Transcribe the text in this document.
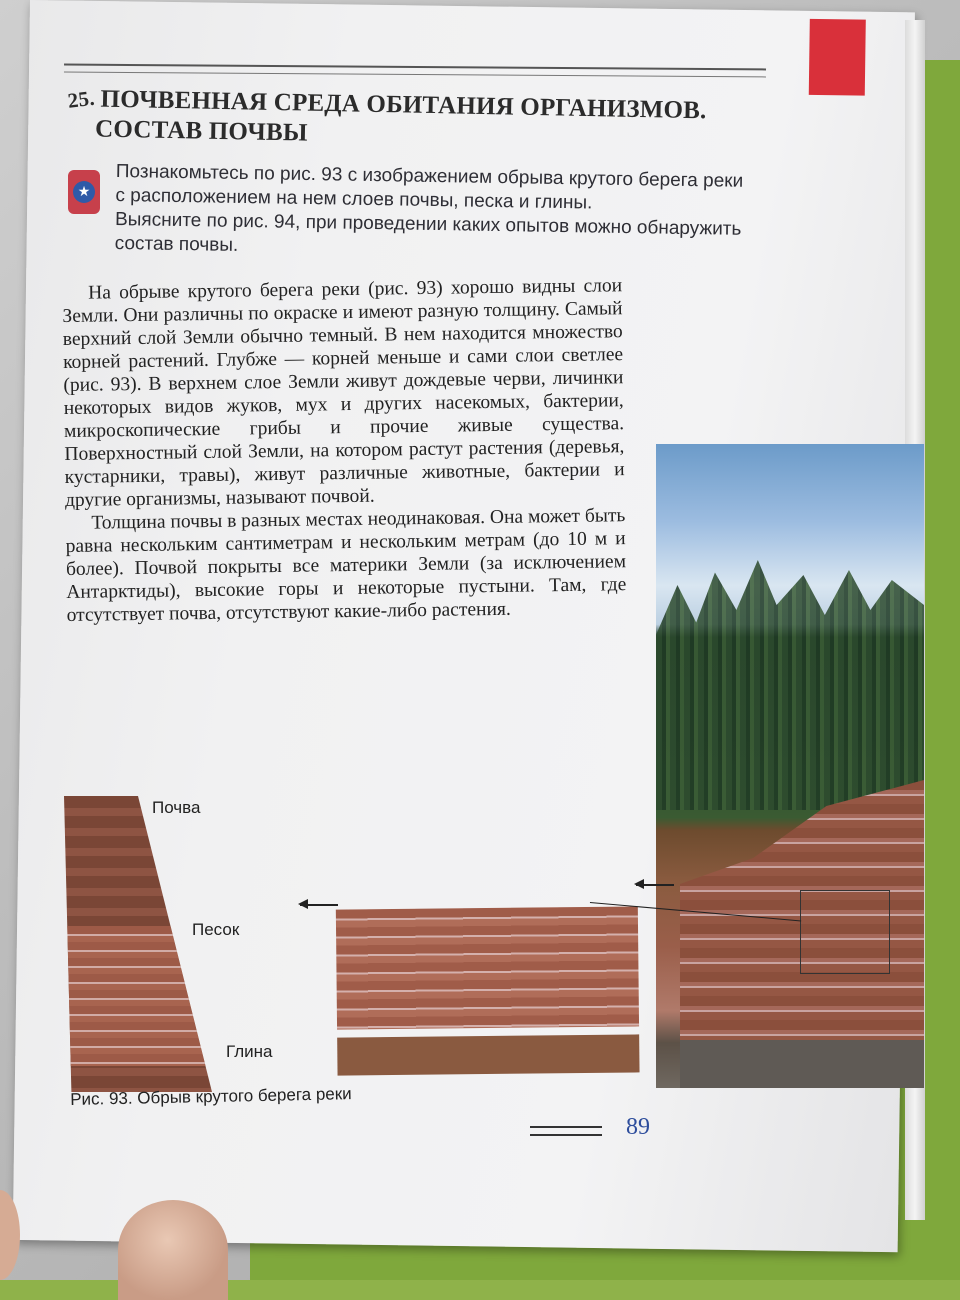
25. ПОЧВЕННАЯ СРЕДА ОБИТАНИЯ ОРГАНИЗМОВ.
СОСТАВ ПОЧВЫ
★

Познакомьтесь по рис. 93 с изображением обрыва крутого берега реки

с расположением на нем слоев почвы, песка и глины.

Выясните по рис. 94, при проведении каких опытов можно обнаружить

состав почвы.

На обрыве крутого берега реки (рис. 93) хорошо видны слои Земли. Они различны по окраске и имеют разную толщину. Самый верхний слой Земли обычно темный. В нем находится множество корней растений. Глубже — корней меньше и сами слои светлее (рис. 93). В верхнем слое Земли живут дождевые черви, личинки некоторых видов жуков, мух и других насекомых, бактерии, микроскопические грибы и прочие живые существа. Поверхностный слой Земли, на котором растут растения (деревья, кустарники, травы), живут различные животные, бактерии и другие организмы, называют почвой.

Толщина почвы в разных местах неодинаковая. Она может быть равна нескольким сантиметрам и нескольким метрам (до 10 м и более). Почвой покрыты все материки Земли (за исключением Антарктиды), высокие горы и некоторые пустыни. Там, где отсутствует почва, отсутствуют какие-либо растения.

Почва
Песок
Глина
Рис. 93. Обрыв крутого берега реки
89
